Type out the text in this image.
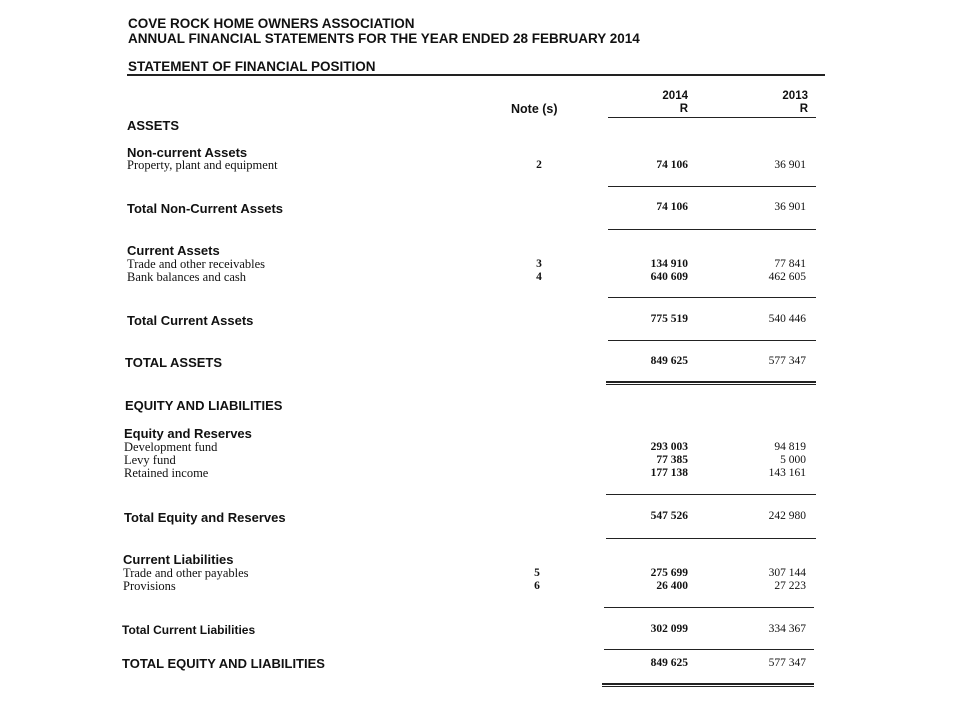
COVE ROCK HOME OWNERS ASSOCIATION
ANNUAL FINANCIAL STATEMENTS FOR THE YEAR ENDED 28 FEBRUARY 2014
STATEMENT OF FINANCIAL POSITION
Note (s)
2014
R
2013
R
ASSETS
Non-current Assets
Property, plant and equipment	2	74 106	36 901
Total Non-Current Assets	74 106	36 901
Current Assets
Trade and other receivables	3	134 910	77 841
Bank balances and cash	4	640 609	462 605
Total Current Assets	775 519	540 446
TOTAL ASSETS	849 625	577 347
EQUITY AND LIABILITIES
Equity and Reserves
Development fund	293 003	94 819
Levy fund	77 385	5 000
Retained income	177 138	143 161
Total Equity and Reserves	547 526	242 980
Current Liabilities
Trade and other payables	5	275 699	307 144
Provisions	6	26 400	27 223
Total Current Liabilities	302 099	334 367
TOTAL EQUITY AND LIABILITIES	849 625	577 347
